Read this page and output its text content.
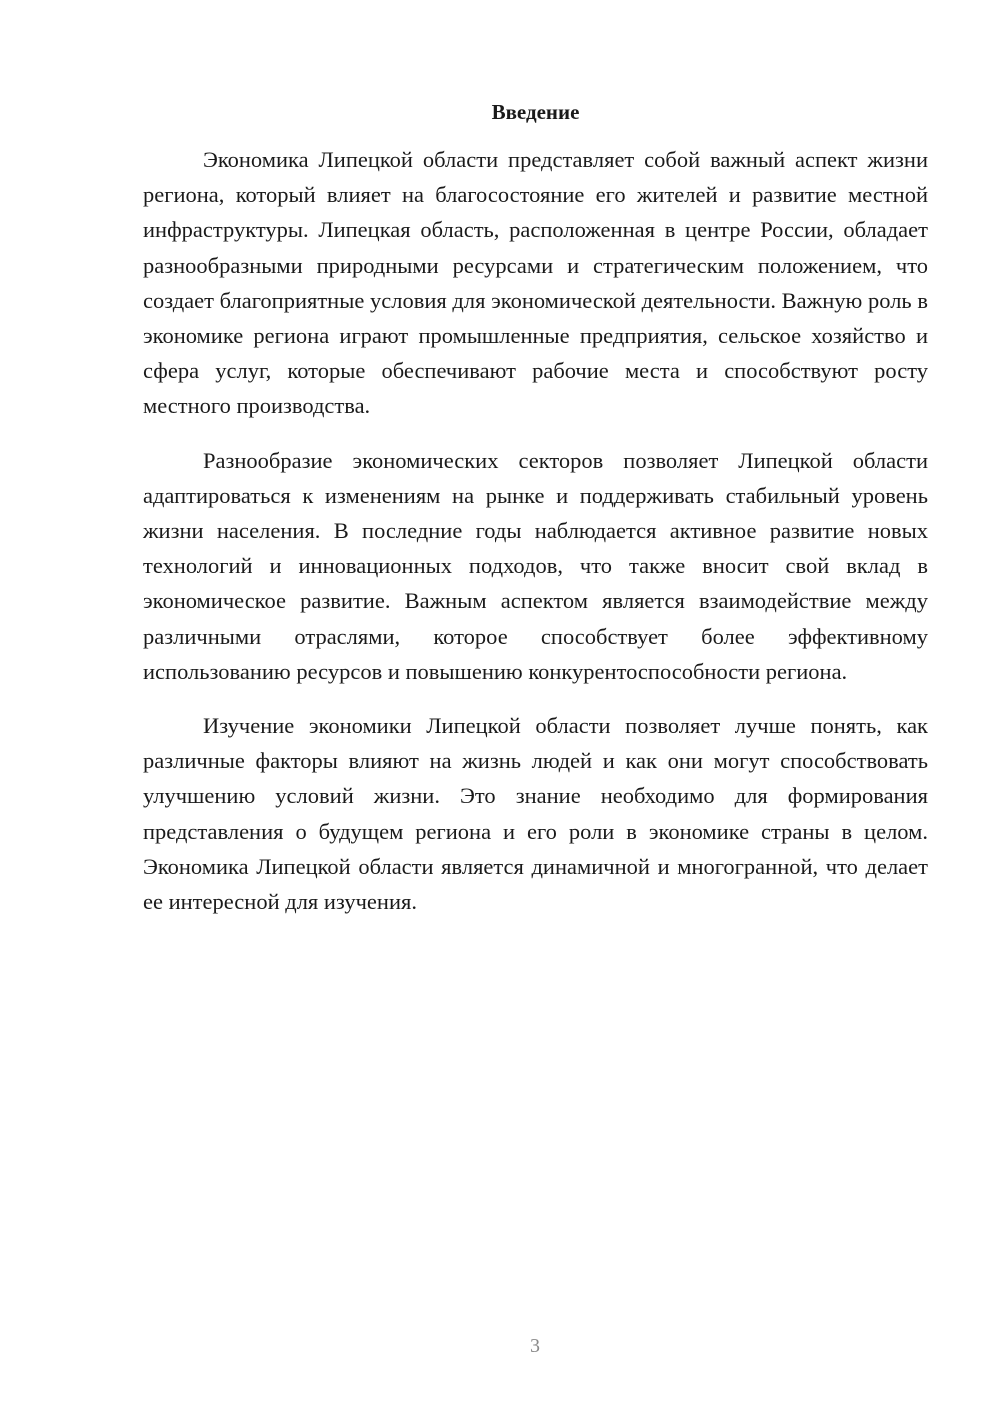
Введение

Экономика Липецкой области представляет собой важный аспект жизни региона, который влияет на благосостояние его жителей и развитие местной инфраструктуры. Липецкая область, расположенная в центре России, обладает разнообразными природными ресурсами и стратегическим положением, что создает благоприятные условия для экономической деятельности. Важную роль в экономике региона играют промышленные предприятия, сельское хозяйство и сфера услуг, которые обеспечивают рабочие места и способствуют росту местного производства.

Разнообразие экономических секторов позволяет Липецкой области адаптироваться к изменениям на рынке и поддерживать стабильный уровень жизни населения. В последние годы наблюдается активное развитие новых технологий и инновационных подходов, что также вносит свой вклад в экономическое развитие. Важным аспектом является взаимодействие между различными отраслями, которое способствует более эффективному использованию ресурсов и повышению конкурентоспособности региона.

Изучение экономики Липецкой области позволяет лучше понять, как различные факторы влияют на жизнь людей и как они могут способствовать улучшению условий жизни. Это знание необходимо для формирования представления о будущем региона и его роли в экономике страны в целом. Экономика Липецкой области является динамичной и многогранной, что делает ее интересной для изучения.

3
